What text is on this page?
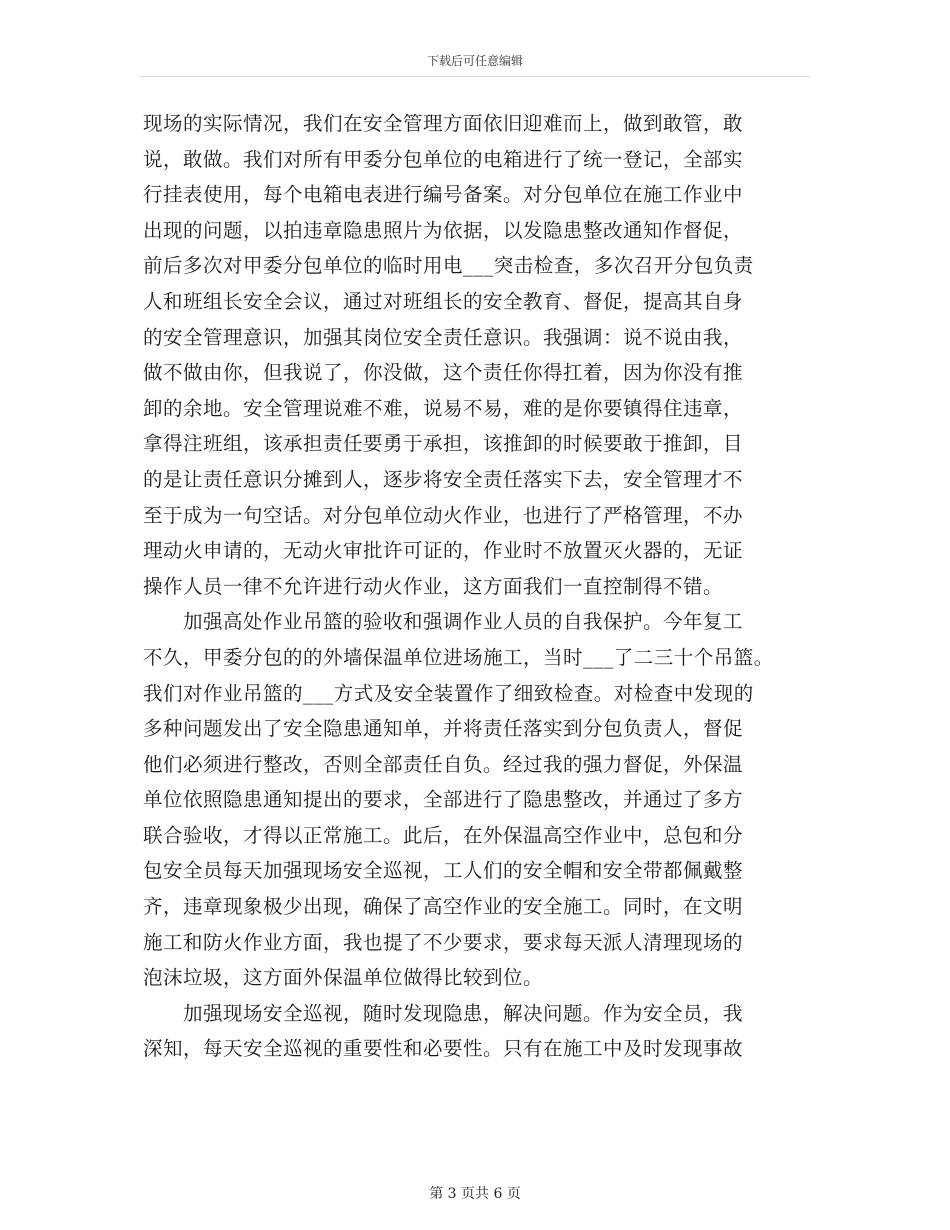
下载后可任意编辑
现场的实际情况，我们在安全管理方面依旧迎难而上，做到敢管，敢
说，敢做。我们对所有甲委分包单位的电箱进行了统一登记，全部实
行挂表使用，每个电箱电表进行编号备案。对分包单位在施工作业中
出现的问题，以拍违章隐患照片为依据，以发隐患整改通知作督促，
前后多次对甲委分包单位的临时用电___突击检查，多次召开分包负责
人和班组长安全会议，通过对班组长的安全教育、督促，提高其自身
的安全管理意识，加强其岗位安全责任意识。我强调：说不说由我，
做不做由你，但我说了，你没做，这个责任你得扛着，因为你没有推
卸的余地。安全管理说难不难，说易不易，难的是你要镇得住违章，
拿得注班组，该承担责任要勇于承担，该推卸的时候要敢于推卸，目
的是让责任意识分摊到人，逐步将安全责任落实下去，安全管理才不
至于成为一句空话。对分包单位动火作业，也进行了严格管理，不办
理动火申请的，无动火审批许可证的，作业时不放置灭火器的，无证
操作人员一律不允许进行动火作业，这方面我们一直控制得不错。
　　加强高处作业吊篮的验收和强调作业人员的自我保护。今年复工
不久，甲委分包的的外墙保温单位进场施工，当时___了二三十个吊篮。
我们对作业吊篮的___方式及安全装置作了细致检查。对检查中发现的
多种问题发出了安全隐患通知单，并将责任落实到分包负责人，督促
他们必须进行整改，否则全部责任自负。经过我的强力督促，外保温
单位依照隐患通知提出的要求，全部进行了隐患整改，并通过了多方
联合验收，才得以正常施工。此后，在外保温高空作业中，总包和分
包安全员每天加强现场安全巡视，工人们的安全帽和安全带都佩戴整
齐，违章现象极少出现，确保了高空作业的安全施工。同时，在文明
施工和防火作业方面，我也提了不少要求，要求每天派人清理现场的
泡沫垃圾，这方面外保温单位做得比较到位。
　　加强现场安全巡视，随时发现隐患，解决问题。作为安全员，我
深知，每天安全巡视的重要性和必要性。只有在施工中及时发现事故
第 3 页共 6 页
